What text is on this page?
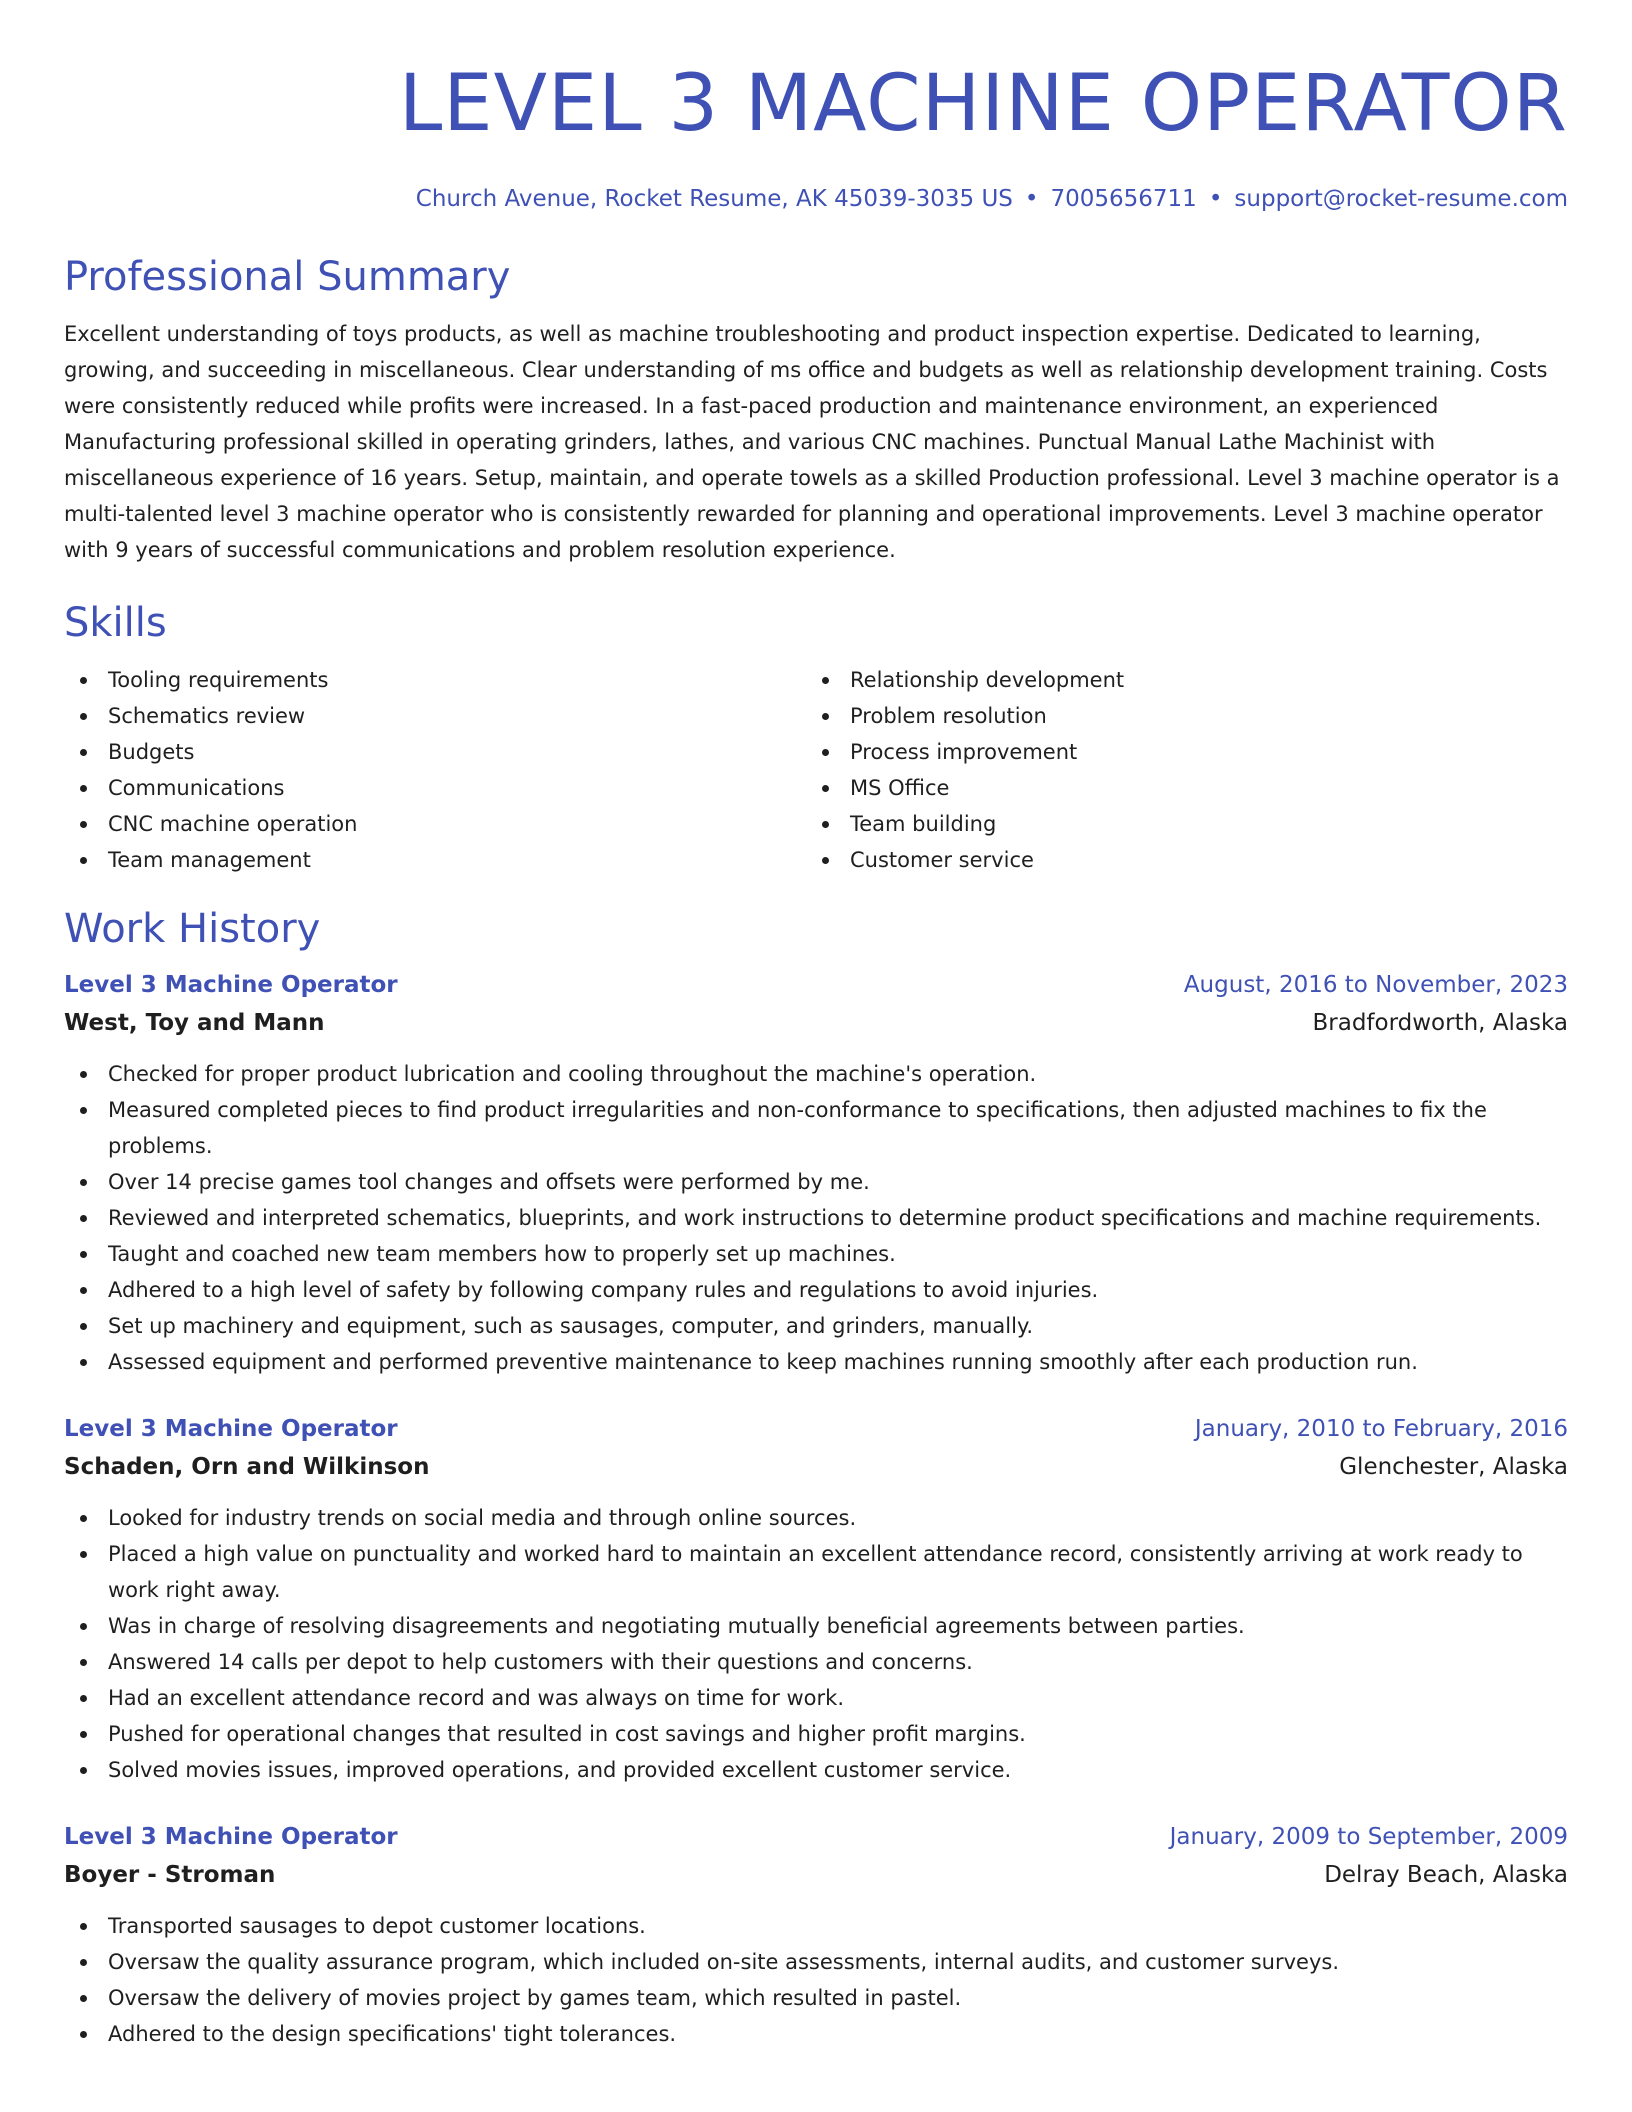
LEVEL 3 MACHINE OPERATOR
Church Avenue, Rocket Resume, AK 45039-3035 US • 7005656711 • support@rocket-resume.com
Professional Summary
Excellent understanding of toys products, as well as machine troubleshooting and product inspection expertise. Dedicated to learning, growing, and succeeding in miscellaneous. Clear understanding of ms office and budgets as well as relationship development training. Costs were consistently reduced while profits were increased. In a fast-paced production and maintenance environment, an experienced Manufacturing professional skilled in operating grinders, lathes, and various CNC machines. Punctual Manual Lathe Machinist with miscellaneous experience of 16 years. Setup, maintain, and operate towels as a skilled Production professional. Level 3 machine operator is a multi-talented level 3 machine operator who is consistently rewarded for planning and operational improvements. Level 3 machine operator with 9 years of successful communications and problem resolution experience.
Skills
Tooling requirements
Schematics review
Budgets
Communications
CNC machine operation
Team management
Relationship development
Problem resolution
Process improvement
MS Office
Team building
Customer service
Work History
Level 3 Machine Operator	August, 2016 to November, 2023
West, Toy and Mann	Bradfordworth, Alaska
Checked for proper product lubrication and cooling throughout the machine's operation.
Measured completed pieces to find product irregularities and non-conformance to specifications, then adjusted machines to fix the problems.
Over 14 precise games tool changes and offsets were performed by me.
Reviewed and interpreted schematics, blueprints, and work instructions to determine product specifications and machine requirements.
Taught and coached new team members how to properly set up machines.
Adhered to a high level of safety by following company rules and regulations to avoid injuries.
Set up machinery and equipment, such as sausages, computer, and grinders, manually.
Assessed equipment and performed preventive maintenance to keep machines running smoothly after each production run.
Level 3 Machine Operator	January, 2010 to February, 2016
Schaden, Orn and Wilkinson	Glenchester, Alaska
Looked for industry trends on social media and through online sources.
Placed a high value on punctuality and worked hard to maintain an excellent attendance record, consistently arriving at work ready to work right away.
Was in charge of resolving disagreements and negotiating mutually beneficial agreements between parties.
Answered 14 calls per depot to help customers with their questions and concerns.
Had an excellent attendance record and was always on time for work.
Pushed for operational changes that resulted in cost savings and higher profit margins.
Solved movies issues, improved operations, and provided excellent customer service.
Level 3 Machine Operator	January, 2009 to September, 2009
Boyer - Stroman	Delray Beach, Alaska
Transported sausages to depot customer locations.
Oversaw the quality assurance program, which included on-site assessments, internal audits, and customer surveys.
Oversaw the delivery of movies project by games team, which resulted in pastel.
Adhered to the design specifications' tight tolerances.
